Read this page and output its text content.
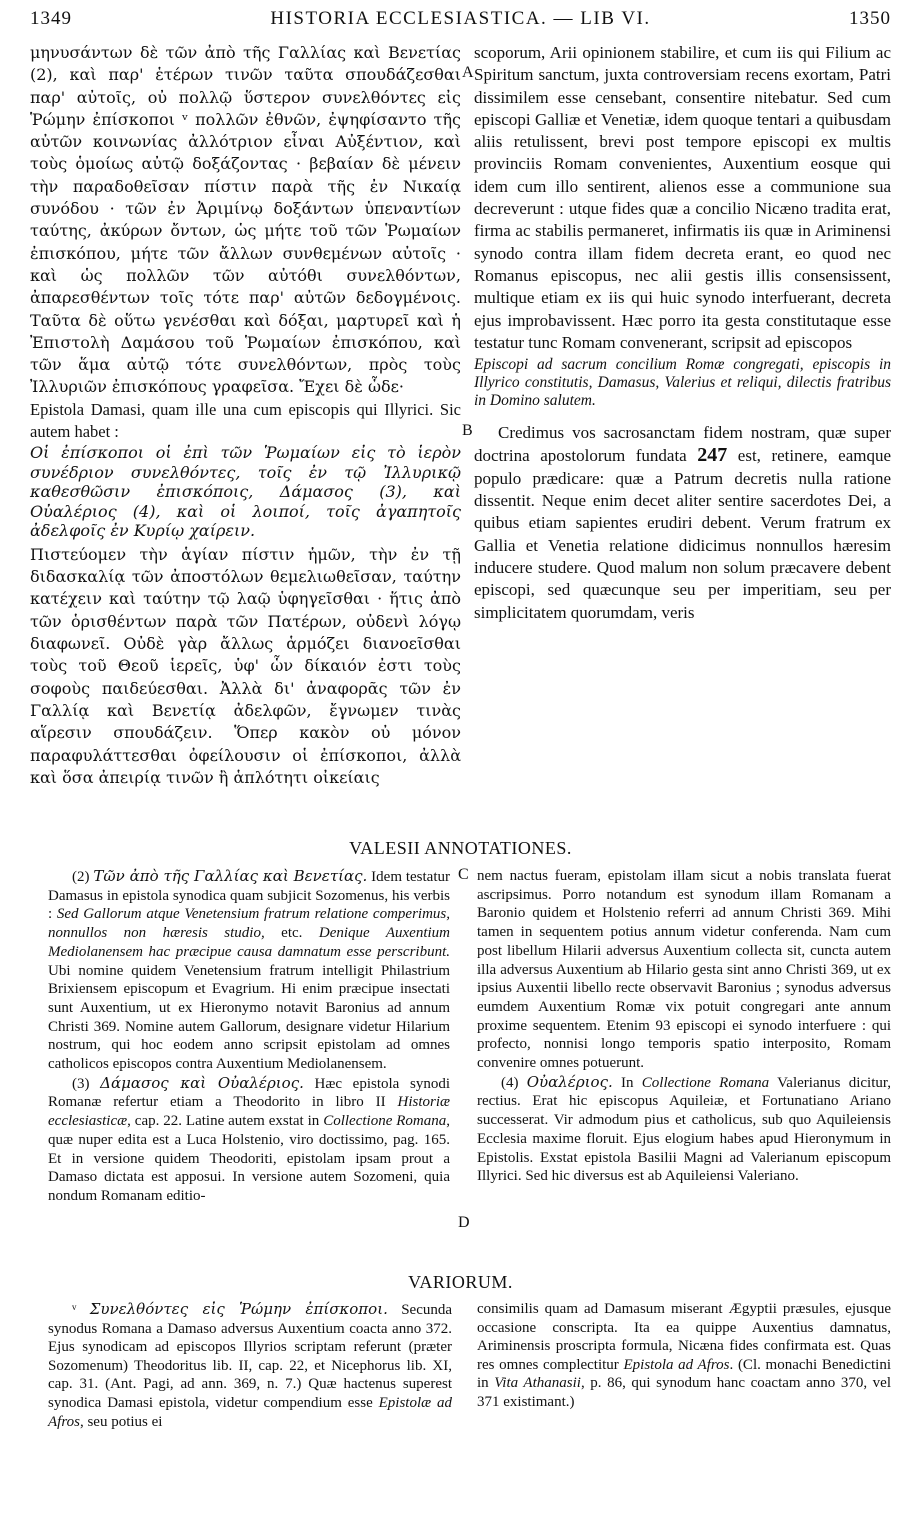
1349	HISTORIA ECCLESIASTICA. — LIB VI.	1350
A
B
C
D

μηνυσάντων δὲ τῶν ἀπὸ τῆς Γαλλίας καὶ Βενετίας (2), καὶ παρ' ἑτέρων τινῶν ταῦτα σπουδάζεσθαι παρ' αὐτοῖς, οὐ πολλῷ ὕστερον συνελθόντες εἰς Ῥώμην ἐπίσκοποι ᵛ πολλῶν ἐθνῶν, ἐψηφίσαντο τῆς αὐτῶν κοινωνίας ἀλλότριον εἶναι Αὐξέντιον, καὶ τοὺς ὁμοίως αὐτῷ δοξάζοντας · βεβαίαν δὲ μένειν τὴν παραδοθεῖσαν πίστιν παρὰ τῆς ἐν Νικαίᾳ συνόδου · τῶν ἐν Ἀριμίνῳ δοξάντων ὑπεναντίων ταύτης, ἀκύρων ὄντων, ὡς μήτε τοῦ τῶν Ῥωμαίων ἐπισκόπου, μήτε τῶν ἄλλων συνθεμένων αὐτοῖς · καὶ ὡς πολλῶν τῶν αὐτόθι συνελθόντων, ἀπαρεσθέντων τοῖς τότε παρ' αὐτῶν δεδογμένοις. Ταῦτα δὲ οὕτω γενέσθαι καὶ δόξαι, μαρτυρεῖ καὶ ἡ Ἐπιστολὴ Δαμάσου τοῦ Ῥωμαίων ἐπισκόπου, καὶ τῶν ἅμα αὐτῷ τότε συνελθόντων, πρὸς τοὺς Ἰλλυριῶν ἐπισκόπους γραφεῖσα. Ἔχει δὲ ὧδε·

Epistola Damasi, quam ille una cum episcopis qui Illyrici. Sic autem habet :

Οἱ ἐπίσκοποι οἱ ἐπὶ τῶν Ῥωμαίων εἰς τὸ ἱερὸν συνέδριον συνελθόντες, τοῖς ἐν τῷ Ἰλλυρικῷ καθεσθῶσιν ἐπισκόποις, Δάμασος (3), καὶ Οὐαλέριος (4), καὶ οἱ λοιποί, τοῖς ἀγαπητοῖς ἀδελφοῖς ἐν Κυρίῳ χαίρειν.

Πιστεύομεν τὴν ἁγίαν πίστιν ἡμῶν, τὴν ἐν τῇ διδασκαλίᾳ τῶν ἀποστόλων θεμελιωθεῖσαν, ταύτην κατέχειν καὶ ταύτην τῷ λαῷ ὑφηγεῖσθαι · ἥτις ἀπὸ τῶν ὁρισθέντων παρὰ τῶν Πατέρων, οὐδενὶ λόγῳ διαφωνεῖ. Οὐδὲ γὰρ ἄλλως ἁρμόζει διανοεῖσθαι τοὺς τοῦ Θεοῦ ἱερεῖς, ὑφ' ὧν δίκαιόν ἐστι τοὺς σοφοὺς παιδεύεσθαι. Ἀλλὰ δι' ἀναφορᾶς τῶν ἐν Γαλλίᾳ καὶ Βενετίᾳ ἀδελφῶν, ἔγνωμεν τινὰς αἵρεσιν σπουδάζειν. Ὅπερ κακὸν οὐ μόνον παραφυλάττεσθαι ὀφείλουσιν οἱ ἐπίσκοποι, ἀλλὰ καὶ ὅσα ἀπειρίᾳ τινῶν ἢ ἁπλότητι οἰκείαις

scoporum, Arii opinionem stabilire, et cum iis qui Filium ac Spiritum sanctum, juxta controversiam recens exortam, Patri dissimilem esse censebant, consentire nitebatur. Sed cum episcopi Galliæ et Venetiæ, idem quoque tentari a quibusdam aliis retulissent, brevi post tempore episcopi ex multis provinciis Romam convenientes, Auxentium eosque qui idem cum illo sentirent, alienos esse a communione sua decreverunt : utque fides quæ a concilio Nicæno tradita erat, firma ac stabilis permaneret, infirmatis iis quæ in Ariminensi synodo contra illam fidem decreta erant, eo quod nec Romanus episcopus, nec alii gestis illis consensissent, multique etiam ex iis qui huic synodo interfuerant, decreta ejus improbavissent. Hæc porro ita gesta constitutaque esse testatur tunc Romam convenerant, scripsit ad episcopos

Episcopi ad sacrum concilium Romæ congregati, episcopis in Illyrico constitutis, Damasus, Valerius et reliqui, dilectis fratribus in Domino salutem.

Credimus vos sacrosanctam fidem nostram, quæ super doctrina apostolorum fundata 247 est, retinere, eamque populo prædicare: quæ a Patrum decretis nulla ratione dissentit. Neque enim decet aliter sentire sacerdotes Dei, a quibus etiam sapientes erudiri debent. Verum fratrum ex Gallia et Venetia relatione didicimus nonnullos hæresim inducere studere. Quod malum non solum præcavere debent episcopi, sed quæcunque seu per imperitiam, seu per simplicitatem quorumdam, veris

VALESII ANNOTATIONES.

(2) Τῶν ἀπὸ τῆς Γαλλίας καὶ Βενετίας. Idem testatur Damasus in epistola synodica quam subjicit Sozomenus, his verbis : Sed Gallorum atque Venetensium fratrum relatione comperimus, nonnullos non hæresis studio, etc. Denique Auxentium Mediolanensem hac præcipue causa damnatum esse perscribunt. Ubi nomine quidem Venetensium fratrum intelligit Philastrium Brixiensem episcopum et Evagrium. Hi enim præcipue insectati sunt Auxentium, ut ex Hieronymo notavit Baronius ad annum Christi 369. Nomine autem Gallorum, designare videtur Hilarium nostrum, qui hoc eodem anno scripsit epistolam ad omnes catholicos episcopos contra Auxentium Mediolanensem.

(3) Δάμασος καὶ Οὐαλέριος. Hæc epistola synodi Romanæ refertur etiam a Theodorito in libro II Historiæ ecclesiasticæ, cap. 22. Latine autem exstat in Collectione Romana, quæ nuper edita est a Luca Holstenio, viro doctissimo, pag. 165. Et in versione quidem Theodoriti, epistolam ipsam prout a Damaso dictata est apposui. In versione autem Sozomeni, quia nondum Romanam editio-

nem nactus fueram, epistolam illam sicut a nobis translata fuerat ascripsimus. Porro notandum est synodum illam Romanam a Baronio quidem et Holstenio referri ad annum Christi 369. Mihi tamen in sequentem potius annum videtur conferenda. Nam cum post libellum Hilarii adversus Auxentium collecta sit, cuncta autem illa adversus Auxentium ab Hilario gesta sint anno Christi 369, ut ex ipsius Auxentii libello recte observavit Baronius ; synodus adversus eumdem Auxentium Romæ vix potuit congregari ante annum proxime sequentem. Etenim 93 episcopi ei synodo interfuere : qui profecto, nonnisi longo temporis spatio interposito, Romam convenire omnes potuerunt.

(4) Οὐαλέριος. In Collectione Romana Valerianus dicitur, rectius. Erat hic episcopus Aquileiæ, et Fortunatiano Ariano successerat. Vir admodum pius et catholicus, sub quo Aquileiensis Ecclesia maxime floruit. Ejus elogium habes apud Hieronymum in Epistolis. Exstat epistola Basilii Magni ad Valerianum episcopum Illyrici. Sed hic diversus est ab Aquileiensi Valeriano.

VARIORUM.

ᵛ Συνελθόντες εἰς Ῥώμην ἐπίσκοποι. Secunda synodus Romana a Damaso adversus Auxentium coacta anno 372. Ejus synodicam ad episcopos Illyrios scriptam referunt (præter Sozomenum) Theodoritus lib. II, cap. 22, et Nicephorus lib. XI, cap. 31. (Ant. Pagi, ad ann. 369, n. 7.) Quæ hactenus superest synodica Damasi epistola, videtur compendium esse Epistolæ ad Afros, seu potius ei

consimilis quam ad Damasum miserant Ægyptii præsules, ejusque occasione conscripta. Ita ea quippe Auxentius damnatus, Ariminensis proscripta formula, Nicæna fides confirmata est. Quas res omnes complectitur Epistola ad Afros. (Cl. monachi Benedictini in Vita Athanasii, p. 86, qui synodum hanc coactam anno 370, vel 371 existimant.)
